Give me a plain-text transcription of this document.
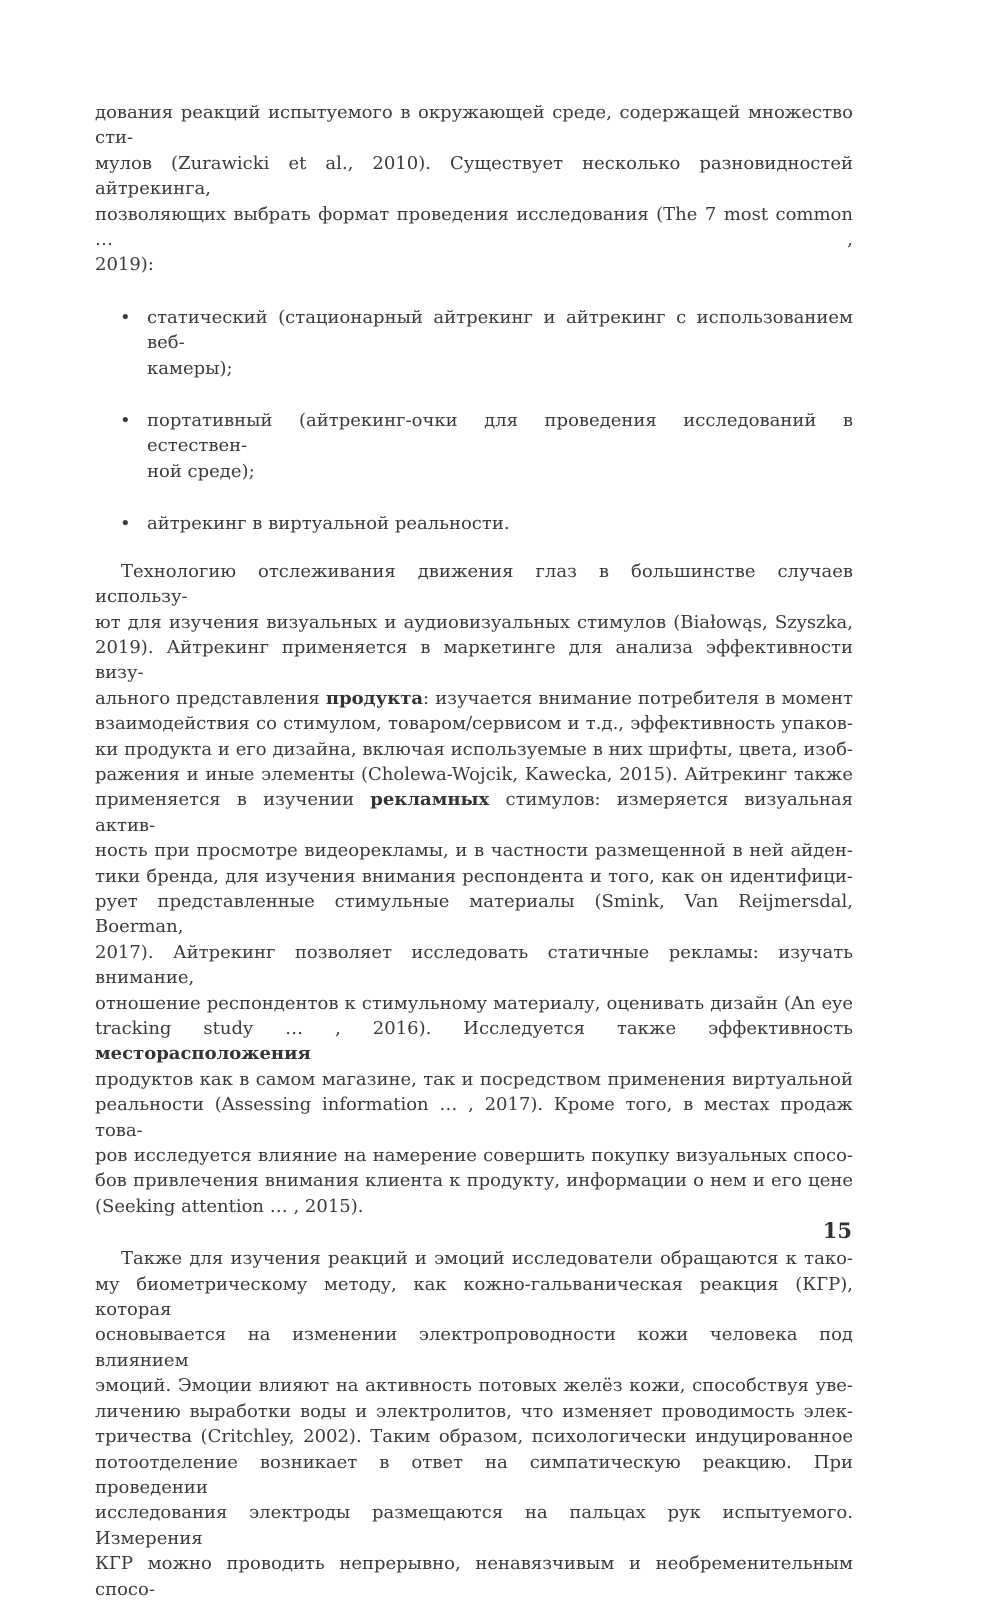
дования реакций испытуемого в окружающей среде, содержащей множество сти-
мулов (Zurawicki et al., 2010). Существует несколько разновидностей айтрекинга,
позволяющих выбрать формат проведения исследования (The 7 most common … ,
2019):

• статический (стационарный айтрекинг и айтрекинг с использованием веб-
камеры);
• портативный (айтрекинг-очки для проведения исследований в естествен-
ной среде);
• айтрекинг в виртуальной реальности.

Технологию отслеживания движения глаз в большинстве случаев использу-
ют для изучения визуальных и аудиовизуальных стимулов (Białowąs, Szyszka,
2019). Айтрекинг применяется в маркетинге для анализа эффективности визу-
ального представления продукта: изучается внимание потребителя в момент
взаимодействия со стимулом, товаром/сервисом и т.д., эффективность упаков-
ки продукта и его дизайна, включая используемые в них шрифты, цвета, изоб-
ражения и иные элементы (Cholewa-Wojcik, Kawecka, 2015). Айтрекинг также
применяется в изучении рекламных стимулов: измеряется визуальная актив-
ность при просмотре видеорекламы, и в частности размещенной в ней айден-
тики бренда, для изучения внимания респондента и того, как он идентифици-
рует представленные стимульные материалы (Smink, Van Reijmersdal, Boerman,
2017). Айтрекинг позволяет исследовать статичные рекламы: изучать внимание,
отношение респондентов к стимульному материалу, оценивать дизайн (An eye
tracking study … , 2016). Исследуется также эффективность месторасположения
продуктов как в самом магазине, так и посредством применения виртуальной
реальности (Assessing information … , 2017). Кроме того, в местах продаж това-
ров исследуется влияние на намерение совершить покупку визуальных спосо-
бов привлечения внимания клиента к продукту, информации о нем и его цене
(Seeking attention … , 2015).

Также для изучения реакций и эмоций исследователи обращаются к тако-
му биометрическому методу, как кожно-гальваническая реакция (КГР), которая
основывается на изменении электропроводности кожи человека под влиянием
эмоций. Эмоции влияют на активность потовых желёз кожи, способствуя уве-
личению выработки воды и электролитов, что изменяет проводимость элек-
тричества (Critchley, 2002). Таким образом, психологически индуцированное
потоотделение возникает в ответ на симпатическую реакцию. При проведении
исследования электроды размещаются на пальцах рук испытуемого. Измерения
КГР можно проводить непрерывно, ненавязчивым и необременительным спосо-

15
